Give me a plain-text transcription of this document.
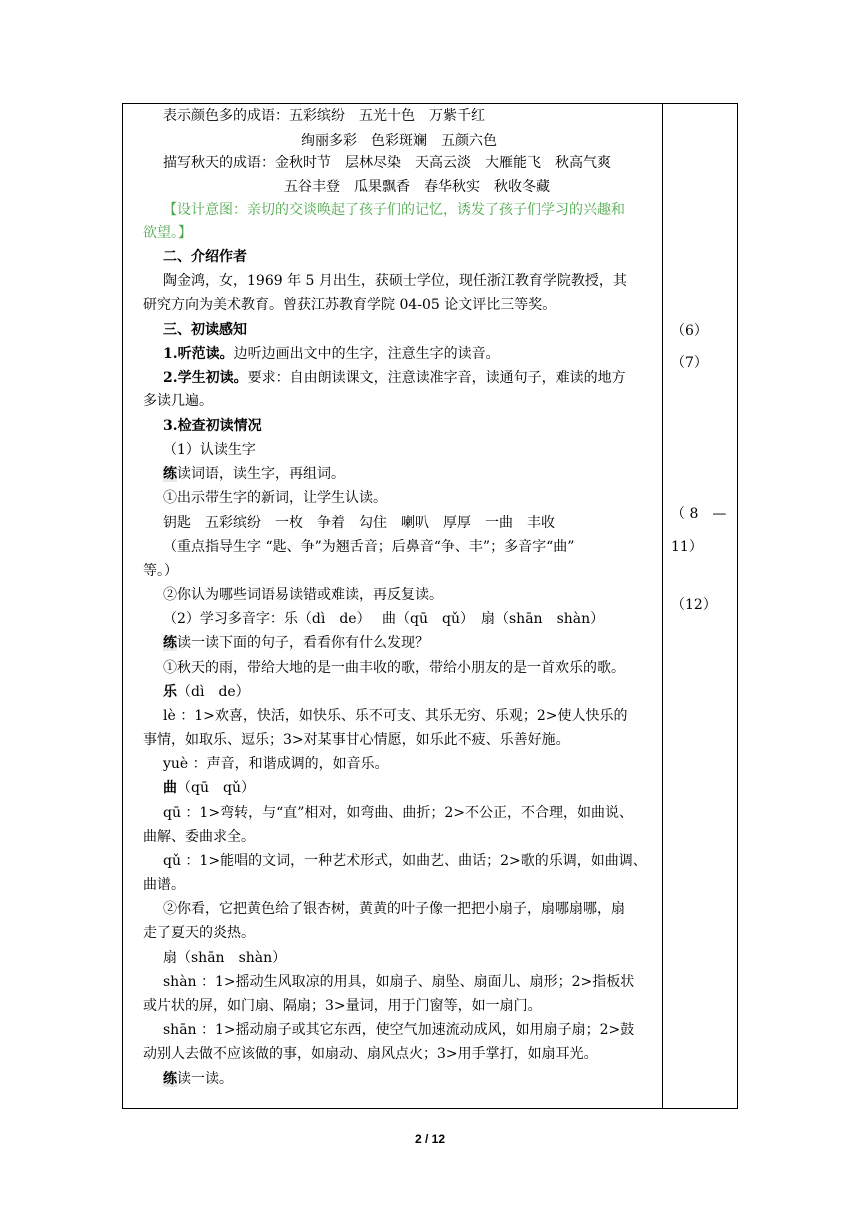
表示颜色多的成语：五彩缤纷　五光十色　万紫千红
绚丽多彩　色彩斑斓　五颜六色
描写秋天的成语：金秋时节　层林尽染　天高云淡　大雁能飞　秋高气爽
五谷丰登　瓜果飘香　春华秋实　秋收冬藏
【设计意图：亲切的交谈唤起了孩子们的记忆，诱发了孩子们学习的兴趣和
欲望。】
二、介绍作者
陶金鸿，女，1969 年 5 月出生，获硕士学位，现任浙江教育学院教授，其
研究方向为美术教育。曾获江苏教育学院 04-05 论文评比三等奖。
三、初读感知
1.听范读。边听边画出文中的生字，注意生字的读音。
2.学生初读。要求：自由朗读课文，注意读准字音，读通句子，难读的地方
多读几遍。
3.检查初读情况
（1）认读生字
练读词语，读生字，再组词。
①出示带生字的新词，让学生认读。
钥匙　五彩缤纷　一枚　争着　勾住　喇叭　厚厚　一曲　丰收
（重点指导生字 “匙、争”为翘舌音；后鼻音“争、丰”；多音字“曲”
等。）
②你认为哪些词语易读错或难读，再反复读。
（2）学习多音字：乐（dì　de）　 曲（qū　qǔ）　扇（shān　shàn）
练读一读下面的句子，看看你有什么发现？
①秋天的雨，带给大地的是一曲丰收的歌，带给小朋友的是一首欢乐的歌。
乐（dì　de）
lè ：1>欢喜，快活，如快乐、乐不可支、其乐无穷、乐观；2>使人快乐的
事情，如取乐、逗乐；3>对某事甘心情愿，如乐此不疲、乐善好施。
yuè ：声音，和谐成调的，如音乐。
曲（qū　qǔ）
qū ：1>弯转，与“直”相对，如弯曲、曲折；2>不公正，不合理，如曲说、
曲解、委曲求全。
qǔ ：1>能唱的文词，一种艺术形式，如曲艺、曲话；2>歌的乐调，如曲调、
曲谱。
②你看，它把黄色给了银杏树，黄黄的叶子像一把把小扇子，扇哪扇哪，扇
走了夏天的炎热。
扇（shān　shàn）
shàn ：1>摇动生风取凉的用具，如扇子、扇坠、扇面儿、扇形；2>指板状
或片状的屏，如门扇、隔扇；3>量词，用于门窗等，如一扇门。
shān ：1>摇动扇子或其它东西，使空气加速流动成风，如用扇子扇；2>鼓
动别人去做不应该做的事，如扇动、扇风点火；3>用手掌打，如扇耳光。
练读一读。
（6）
（7）
（ 8　—
11）
（12）
2 / 12
